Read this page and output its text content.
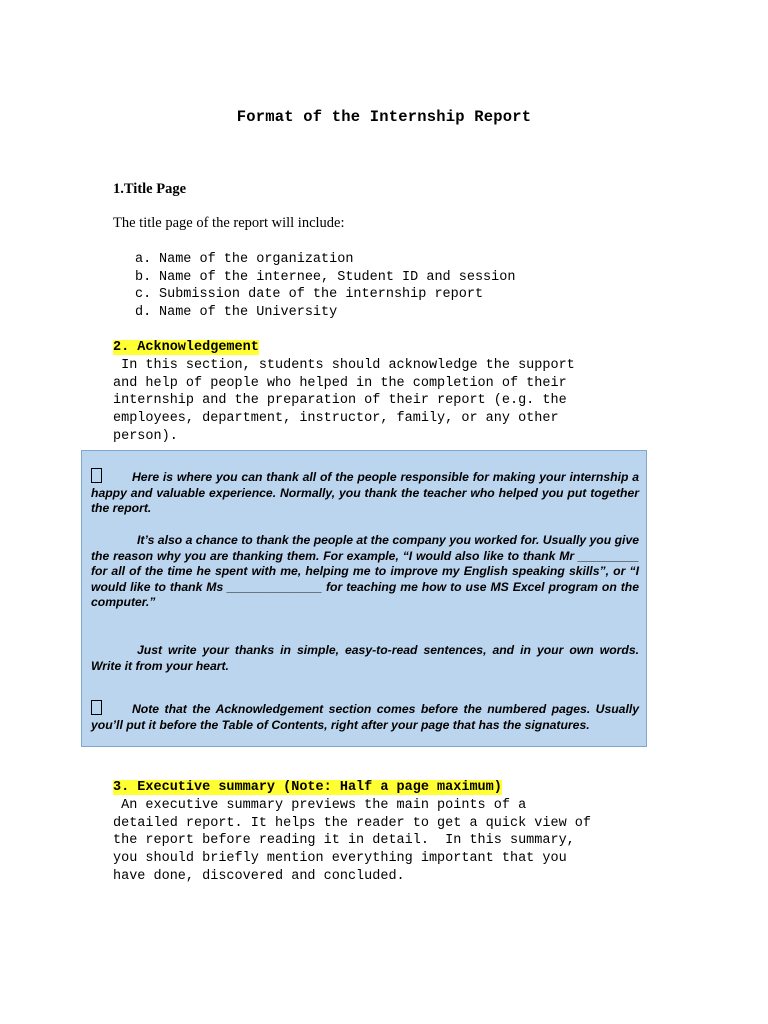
Format of the Internship Report
1.Title Page
The title page of the report will include:
a. Name of the organization
b. Name of the internee, Student ID and session
c. Submission date of the internship report
d. Name of the University
2. Acknowledgement
In this section, students should acknowledge the support
and help of people who helped in the completion of their
internship and the preparation of their report (e.g. the
employees, department, instructor, family, or any other
person).
Here is where you can thank all of the people responsible for making your internship a happy and valuable experience. Normally, you thank the teacher who helped you put together the report.
It’s also a chance to thank the people at the company you worked for. Usually you give the reason why you are thanking them. For example, “I would also like to thank Mr _________ for all of the time he spent with me, helping me to improve my English speaking skills”, or “I would like to thank Ms ______________ for teaching me how to use MS Excel program on the computer.”
Just write your thanks in simple, easy-to-read sentences, and in your own words. Write it from your heart.
Note that the Acknowledgement section comes before the numbered pages. Usually you’ll put it before the Table of Contents, right after your page that has the signatures.
3. Executive summary (Note: Half a page maximum)
An executive summary previews the main points of a
detailed report. It helps the reader to get a quick view of
the report before reading it in detail.  In this summary,
you should briefly mention everything important that you
have done, discovered and concluded.
